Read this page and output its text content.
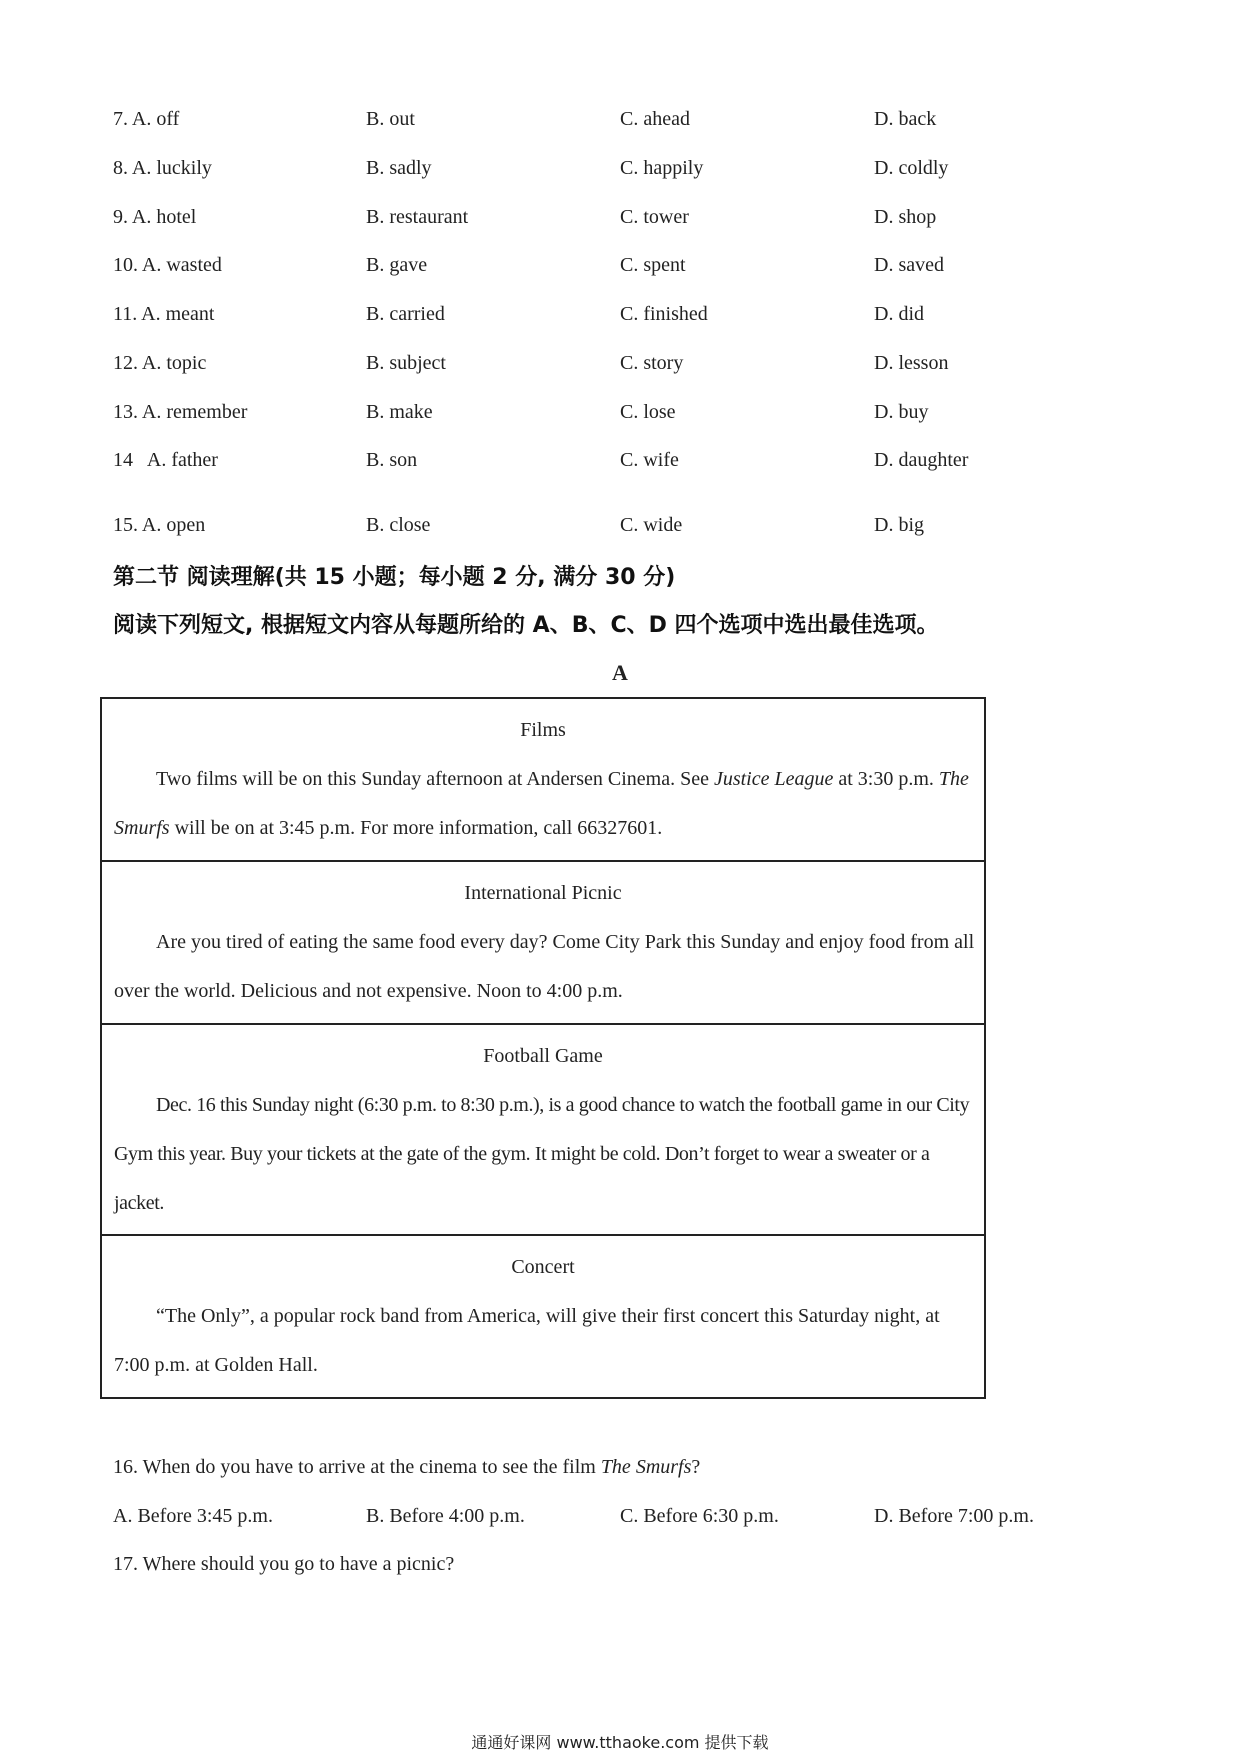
7. A. off	B. out	C. ahead	D. back
8. A. luckily	B. sadly	C. happily	D. coldly
9. A. hotel	B. restaurant	C. tower	D. shop
10. A. wasted	B. gave	C. spent	D. saved
11. A. meant	B. carried	C. finished	D. did
12. A. topic	B. subject	C. story	D. lesson
13. A. remember	B. make	C. lose	D. buy
14   A. father	B. son	C. wife	D. daughter
15. A. open	B. close	C. wide	D. big
第二节 阅读理解(共 15 小题；每小题 2 分, 满分 30 分)
阅读下列短文, 根据短文内容从每题所给的 A、B、C、D 四个选项中选出最佳选项。
A
Films
Two films will be on this Sunday afternoon at Andersen Cinema. See Justice League at 3:30 p.m. The Smurfs will be on at 3:45 p.m. For more information, call 66327601.
International Picnic
Are you tired of eating the same food every day? Come City Park this Sunday and enjoy food from all over the world. Delicious and not expensive. Noon to 4:00 p.m.
Football Game
Dec. 16 this Sunday night (6:30 p.m. to 8:30 p.m.), is a good chance to watch the football game in our City Gym this year. Buy your tickets at the gate of the gym. It might be cold. Don’t forget to wear a sweater or a jacket.
Concert
“The Only”, a popular rock band from America, will give their first concert this Saturday night, at 7:00 p.m. at Golden Hall.
16. When do you have to arrive at the cinema to see the film The Smurfs?
A. Before 3:45 p.m.	B. Before 4:00 p.m.	C. Before 6:30 p.m.	D. Before 7:00 p.m.
17. Where should you go to have a picnic?
通通好课网 www.tthaoke.com 提供下载
